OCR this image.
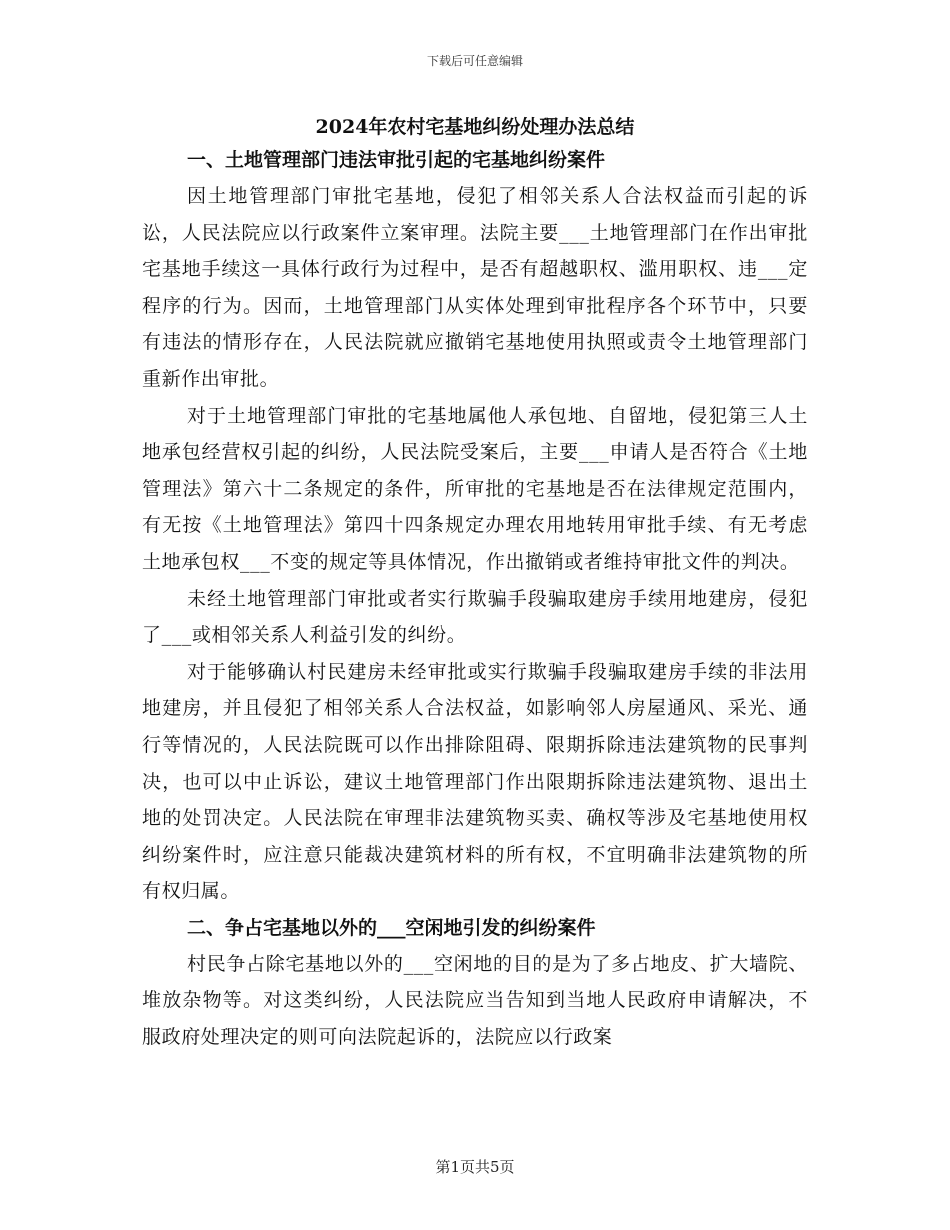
下载后可任意编辑
2024年农村宅基地纠纷处理办法总结
一、土地管理部门违法审批引起的宅基地纠纷案件

因土地管理部门审批宅基地，侵犯了相邻关系人合法权益而引起的诉讼，人民法院应以行政案件立案审理。法院主要___土地管理部门在作出审批宅基地手续这一具体行政行为过程中，是否有超越职权、滥用职权、违___定程序的行为。因而，土地管理部门从实体处理到审批程序各个环节中，只要有违法的情形存在，人民法院就应撤销宅基地使用执照或责令土地管理部门重新作出审批。

对于土地管理部门审批的宅基地属他人承包地、自留地，侵犯第三人土地承包经营权引起的纠纷，人民法院受案后，主要___申请人是否符合《土地管理法》第六十二条规定的条件，所审批的宅基地是否在法律规定范围内，有无按《土地管理法》第四十四条规定办理农用地转用审批手续、有无考虑土地承包权___不变的规定等具体情况，作出撤销或者维持审批文件的判决。

未经土地管理部门审批或者实行欺骗手段骗取建房手续用地建房，侵犯了___或相邻关系人利益引发的纠纷。

对于能够确认村民建房未经审批或实行欺骗手段骗取建房手续的非法用地建房，并且侵犯了相邻关系人合法权益，如影响邻人房屋通风、采光、通行等情况的，人民法院既可以作出排除阻碍、限期拆除违法建筑物的民事判决，也可以中止诉讼，建议土地管理部门作出限期拆除违法建筑物、退出土地的处罚决定。人民法院在审理非法建筑物买卖、确权等涉及宅基地使用权纠纷案件时，应注意只能裁决建筑材料的所有权，不宜明确非法建筑物的所有权归属。

二、争占宅基地以外的___空闲地引发的纠纷案件

村民争占除宅基地以外的___空闲地的目的是为了多占地皮、扩大墙院、堆放杂物等。对这类纠纷，人民法院应当告知到当地人民政府申请解决，不服政府处理决定的则可向法院起诉的，法院应以行政案

第1页共5页
